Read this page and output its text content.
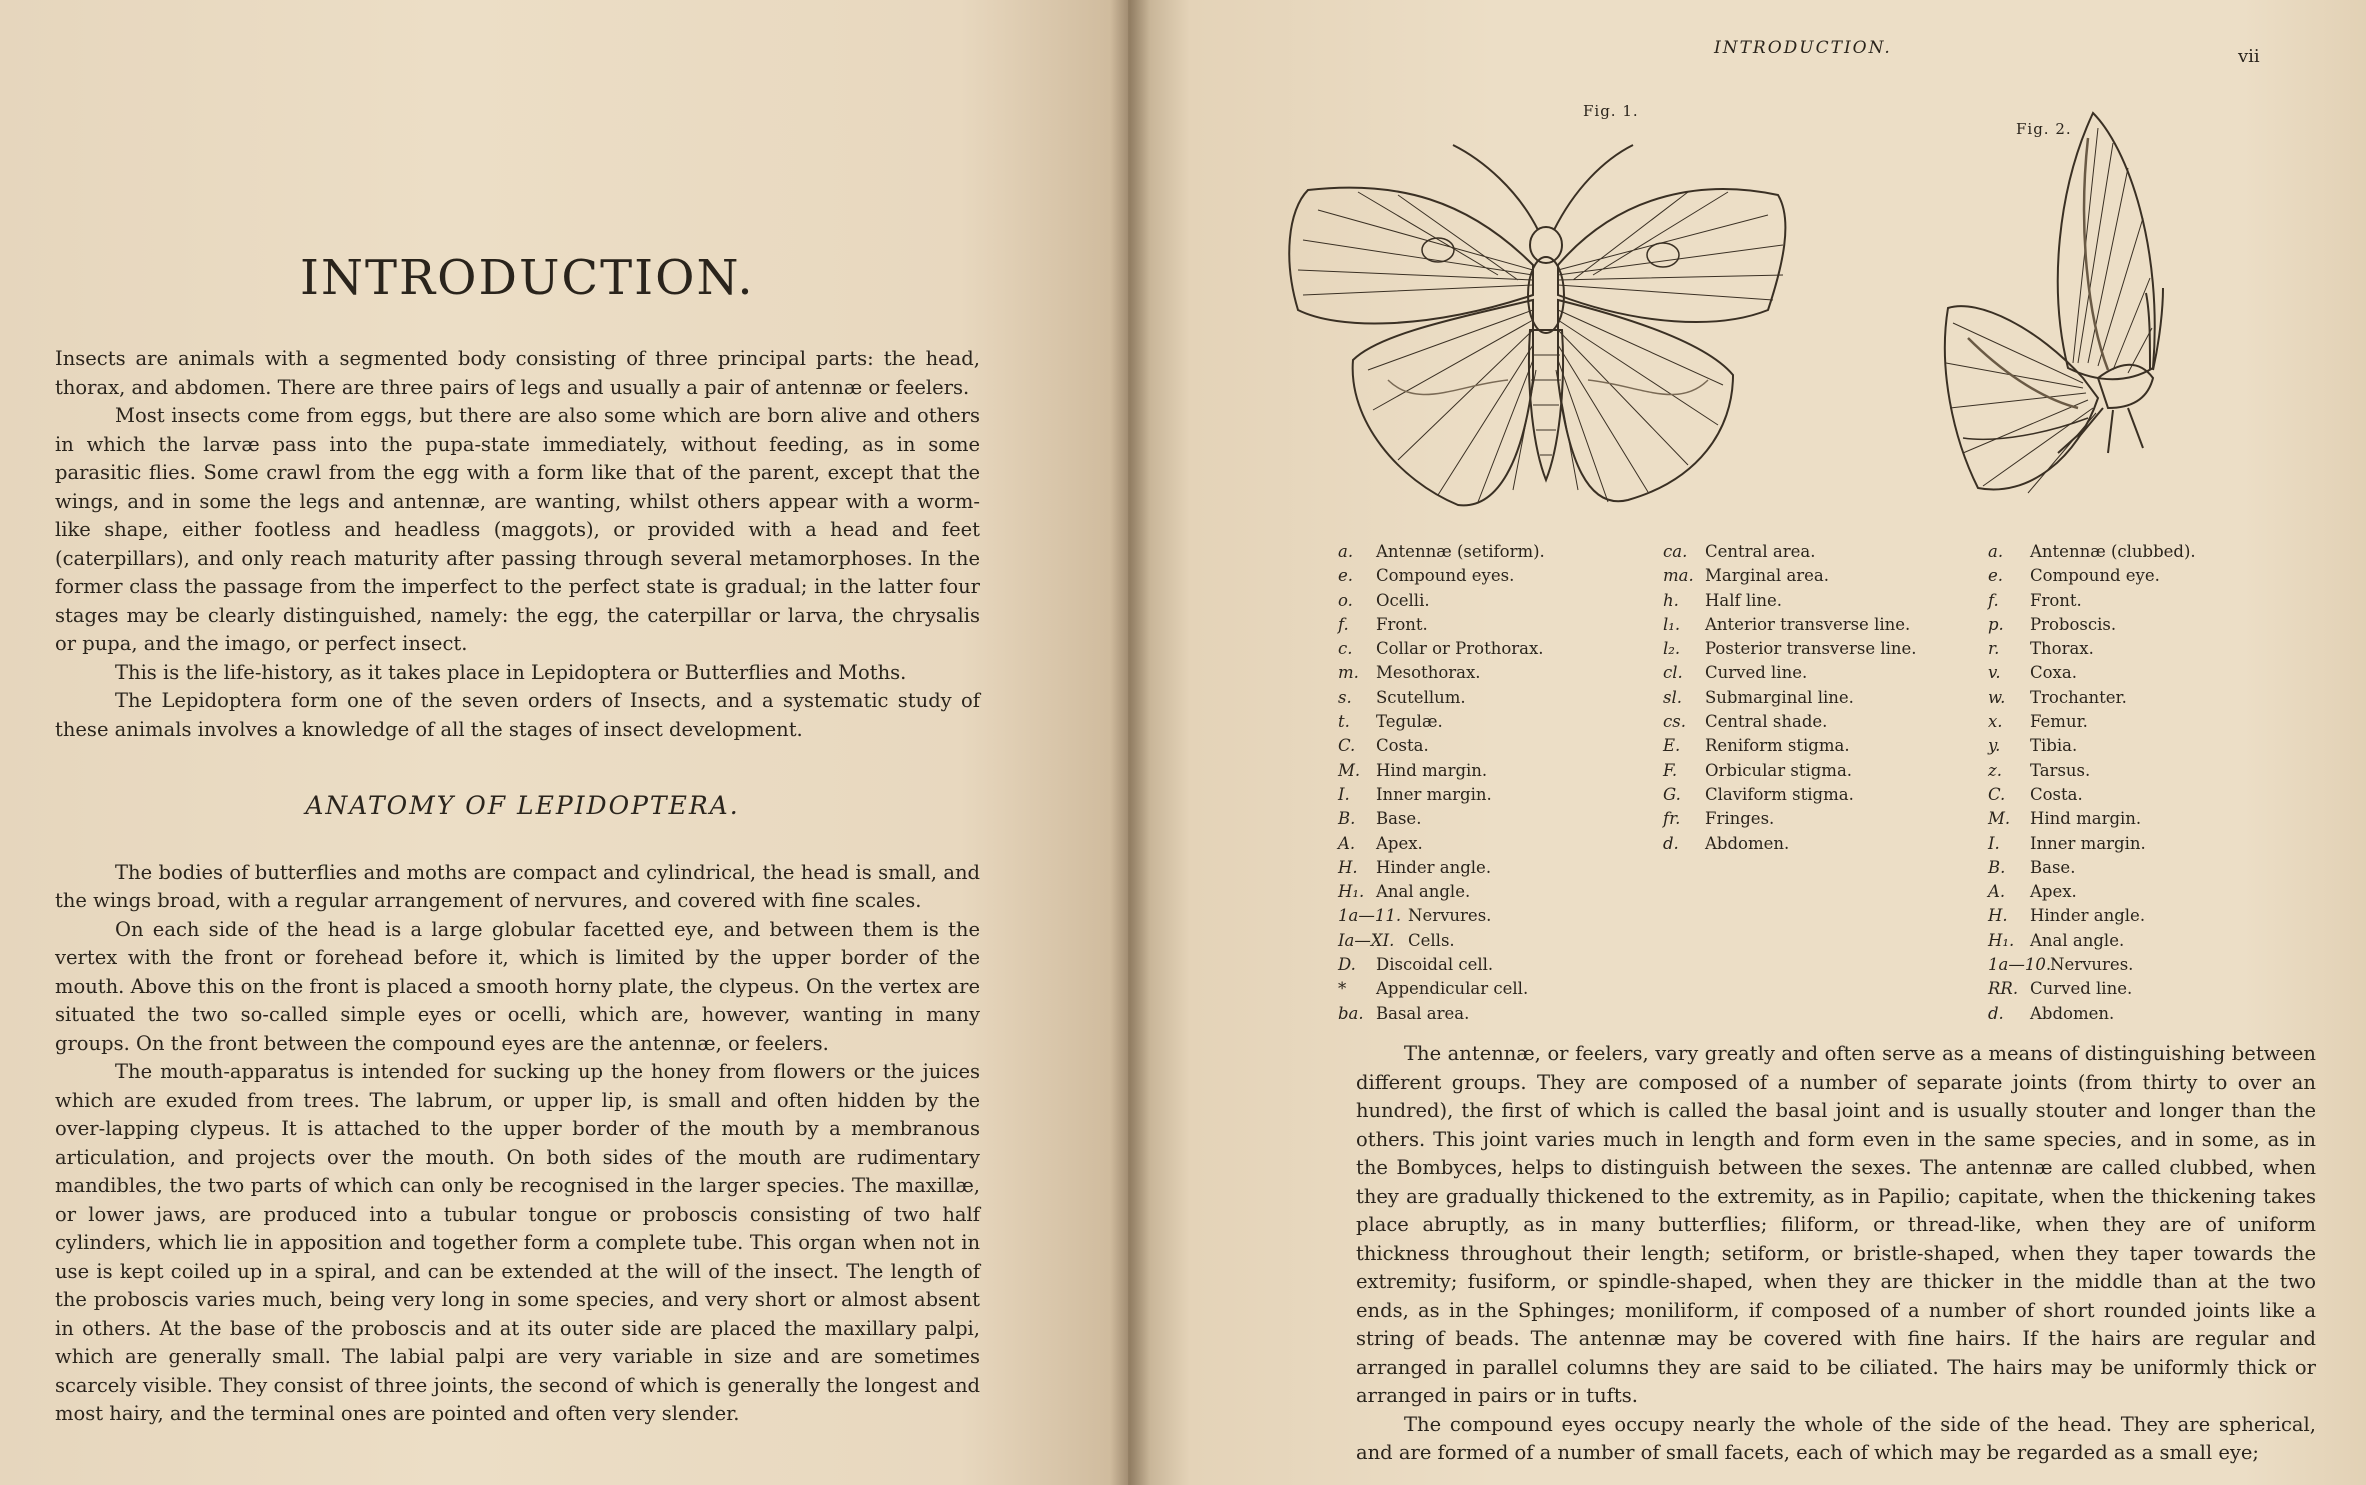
INTRODUCTION.

Insects are animals with a segmented body consisting of three principal parts: the head, thorax, and abdomen. There are three pairs of legs and usually a pair of antennæ or feelers.

Most insects come from eggs, but there are also some which are born alive and others in which the larvæ pass into the pupa-state immediately, without feeding, as in some parasitic flies. Some crawl from the egg with a form like that of the parent, except that the wings, and in some the legs and antennæ, are wanting, whilst others appear with a worm-like shape, either footless and headless (maggots), or provided with a head and feet (caterpillars), and only reach maturity after passing through several metamorphoses. In the former class the passage from the imperfect to the perfect state is gradual; in the latter four stages may be clearly distinguished, namely: the egg, the caterpillar or larva, the chrysalis or pupa, and the imago, or perfect insect.

This is the life-history, as it takes place in Lepidoptera or Butterflies and Moths.

The Lepidoptera form one of the seven orders of Insects, and a systematic study of these animals involves a knowledge of all the stages of insect development.

ANATOMY OF LEPIDOPTERA.

The bodies of butterflies and moths are compact and cylindrical, the head is small, and the wings broad, with a regular arrangement of nervures, and covered with fine scales.

On each side of the head is a large globular facetted eye, and between them is the vertex with the front or forehead before it, which is limited by the upper border of the mouth. Above this on the front is placed a smooth horny plate, the clypeus. On the vertex are situated the two so-called simple eyes or ocelli, which are, however, wanting in many groups. On the front between the compound eyes are the antennæ, or feelers.

The mouth-apparatus is intended for sucking up the honey from flowers or the juices which are exuded from trees. The labrum, or upper lip, is small and often hidden by the over-lapping clypeus. It is attached to the upper border of the mouth by a membranous articulation, and projects over the mouth. On both sides of the mouth are rudimentary mandibles, the two parts of which can only be recognised in the larger species. The maxillæ, or lower jaws, are produced into a tubular tongue or proboscis consisting of two half cylinders, which lie in apposition and together form a complete tube. This organ when not in use is kept coiled up in a spiral, and can be extended at the will of the insect. The length of the proboscis varies much, being very long in some species, and very short or almost absent in others. At the base of the proboscis and at its outer side are placed the maxillary palpi, which are generally small. The labial palpi are very variable in size and are sometimes scarcely visible. They consist of three joints, the second of which is generally the longest and most hairy, and the terminal ones are pointed and often very slender.

INTRODUCTION.	vii
Fig. 1.
Fig. 2.
a. Antennæ (setiform).
e. Compound eyes.
o. Ocelli.
f. Front.
c. Collar or Prothorax.
m. Mesothorax.
s. Scutellum.
t. Tegulæ.
C. Costa.
M. Hind margin.
I. Inner margin.
B. Base.
A. Apex.
H. Hinder angle.
H₁. Anal angle.
1a—11. Nervures.
Ia—XI. Cells.
D. Discoidal cell.
* Appendicular cell.
ba. Basal area.
ca. Central area.
ma. Marginal area.
h. Half line.
l₁. Anterior transverse line.
l₂. Posterior transverse line.
cl. Curved line.
sl. Submarginal line.
cs. Central shade.
E. Reniform stigma.
F. Orbicular stigma.
G. Claviform stigma.
fr. Fringes.
d. Abdomen.
a. Antennæ (clubbed).
e. Compound eye.
f. Front.
p. Proboscis.
r. Thorax.
v. Coxa.
w. Trochanter.
x. Femur.
y. Tibia.
z. Tarsus.
C. Costa.
M. Hind margin.
I. Inner margin.
B. Base.
A. Apex.
H. Hinder angle.
H₁. Anal angle.
1a—10.Nervures.
RR. Curved line.
d. Abdomen.

The antennæ, or feelers, vary greatly and often serve as a means of distinguishing between different groups. They are composed of a number of separate joints (from thirty to over an hundred), the first of which is called the basal joint and is usually stouter and longer than the others. This joint varies much in length and form even in the same species, and in some, as in the Bombyces, helps to distinguish between the sexes. The antennæ are called clubbed, when they are gradually thickened to the extremity, as in Papilio; capitate, when the thickening takes place abruptly, as in many butterflies; filiform, or thread-like, when they are of uniform thickness throughout their length; setiform, or bristle-shaped, when they taper towards the extremity; fusiform, or spindle-shaped, when they are thicker in the middle than at the two ends, as in the Sphinges; moniliform, if composed of a number of short rounded joints like a string of beads. The antennæ may be covered with fine hairs. If the hairs are regular and arranged in parallel columns they are said to be ciliated. The hairs may be uniformly thick or arranged in pairs or in tufts.

The compound eyes occupy nearly the whole of the side of the head. They are spherical, and are formed of a number of small facets, each of which may be regarded as a small eye;
